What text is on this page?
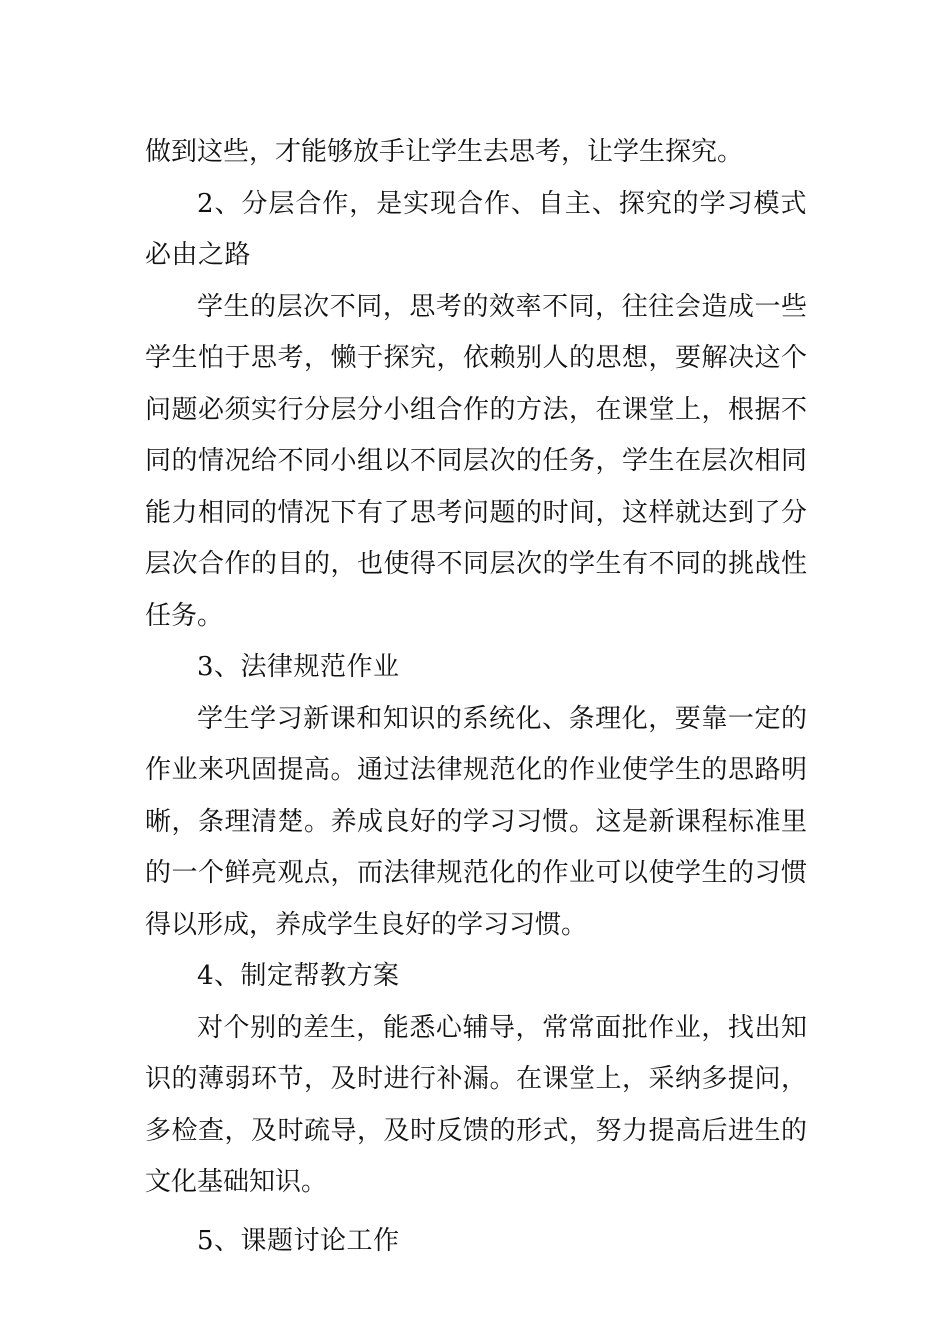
做到这些，才能够放手让学生去思考，让学生探究。

2、分层合作，是实现合作、自主、探究的学习模式必由之路

学生的层次不同，思考的效率不同，往往会造成一些学生怕于思考，懒于探究，依赖别人的思想，要解决这个问题必须实行分层分小组合作的方法，在课堂上，根据不同的情况给不同小组以不同层次的任务，学生在层次相同能力相同的情况下有了思考问题的时间，这样就达到了分层次合作的目的，也使得不同层次的学生有不同的挑战性任务。

3、法律规范作业

学生学习新课和知识的系统化、条理化，要靠一定的作业来巩固提高。通过法律规范化的作业使学生的思路明晰，条理清楚。养成良好的学习习惯。这是新课程标准里的一个鲜亮观点，而法律规范化的作业可以使学生的习惯得以形成，养成学生良好的学习习惯。

4、制定帮教方案

对个别的差生，能悉心辅导，常常面批作业，找出知识的薄弱环节，及时进行补漏。在课堂上，采纳多提问，多检查，及时疏导，及时反馈的形式，努力提高后进生的文化基础知识。

5、课题讨论工作
